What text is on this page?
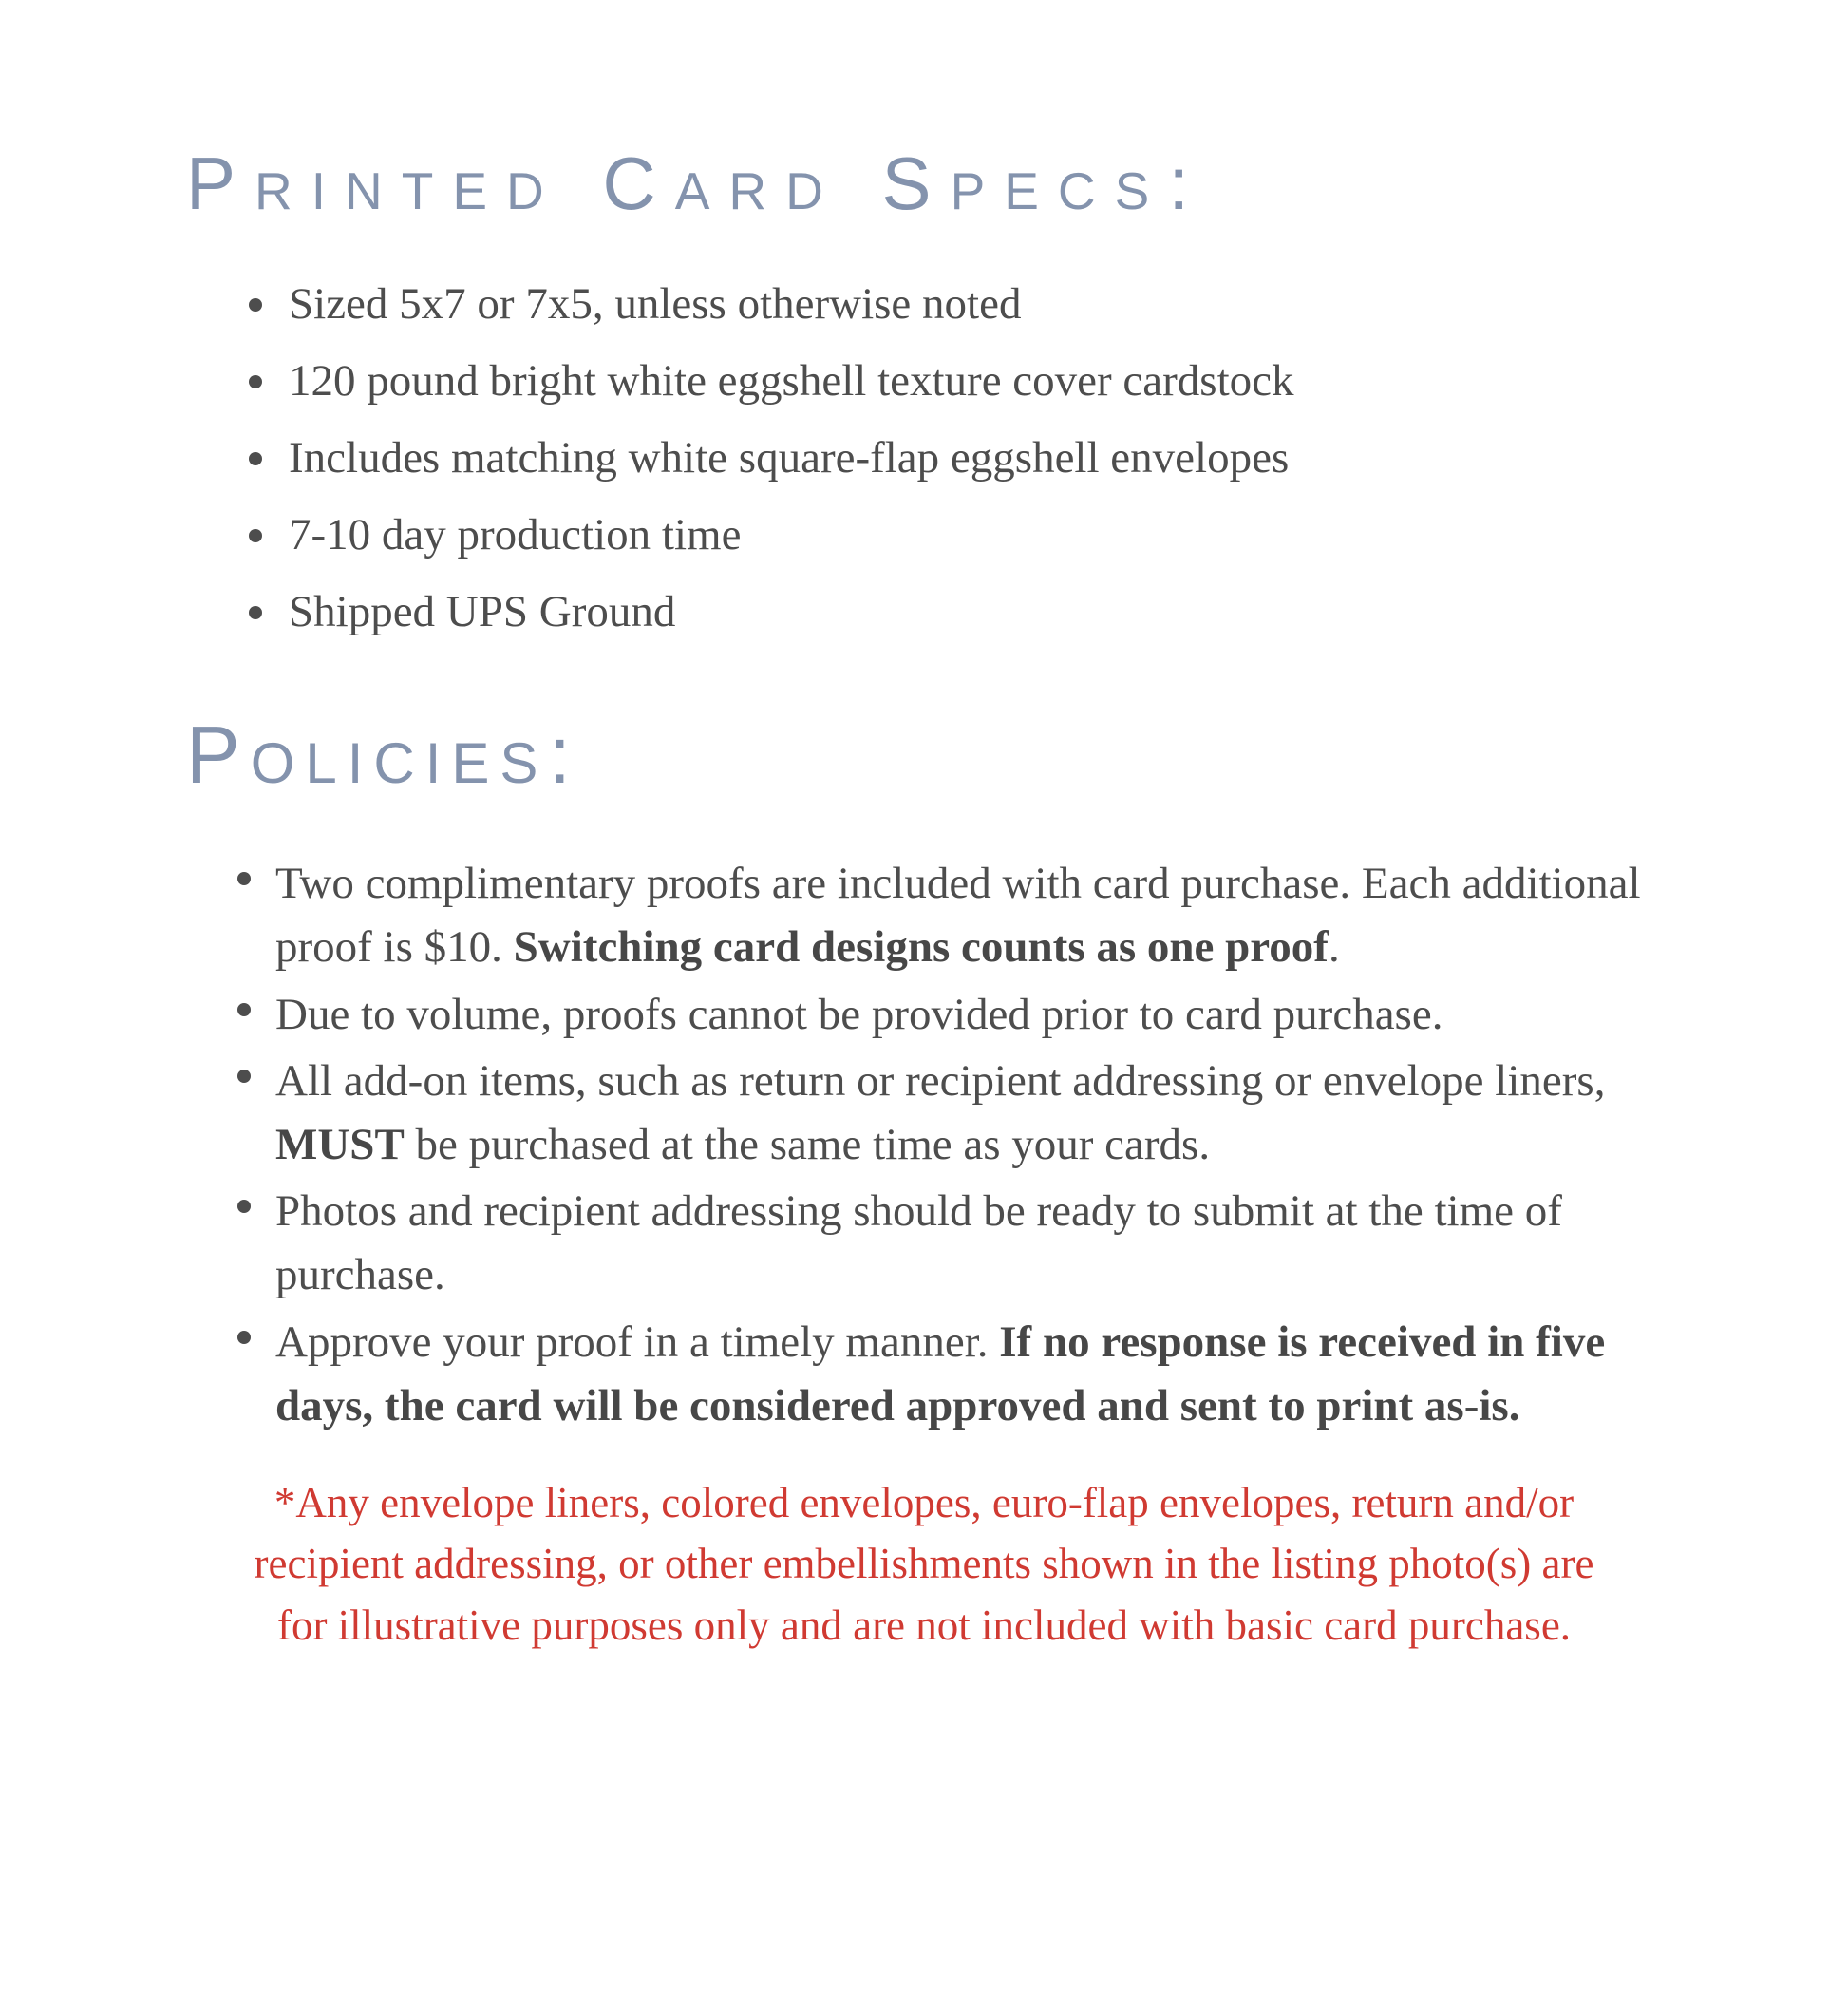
Printed Card Specs:
Sized 5x7 or 7x5, unless otherwise noted
120 pound bright white eggshell texture cover cardstock
Includes matching white square-flap eggshell envelopes
7-10 day production time
Shipped UPS Ground
Policies:
Two complimentary proofs are included with card purchase. Each additional proof is $10. Switching card designs counts as one proof.
Due to volume, proofs cannot be provided prior to card purchase.
All add-on items, such as return or recipient addressing or envelope liners, MUST be purchased at the same time as your cards.
Photos and recipient addressing should be ready to submit at the time of purchase.
Approve your proof in a timely manner. If no response is received in five days, the card will be considered approved and sent to print as-is.
*Any envelope liners, colored envelopes, euro-flap envelopes, return and/or
recipient addressing, or other embellishments shown in the listing photo(s) are
for illustrative purposes only and are not included with basic card purchase.
